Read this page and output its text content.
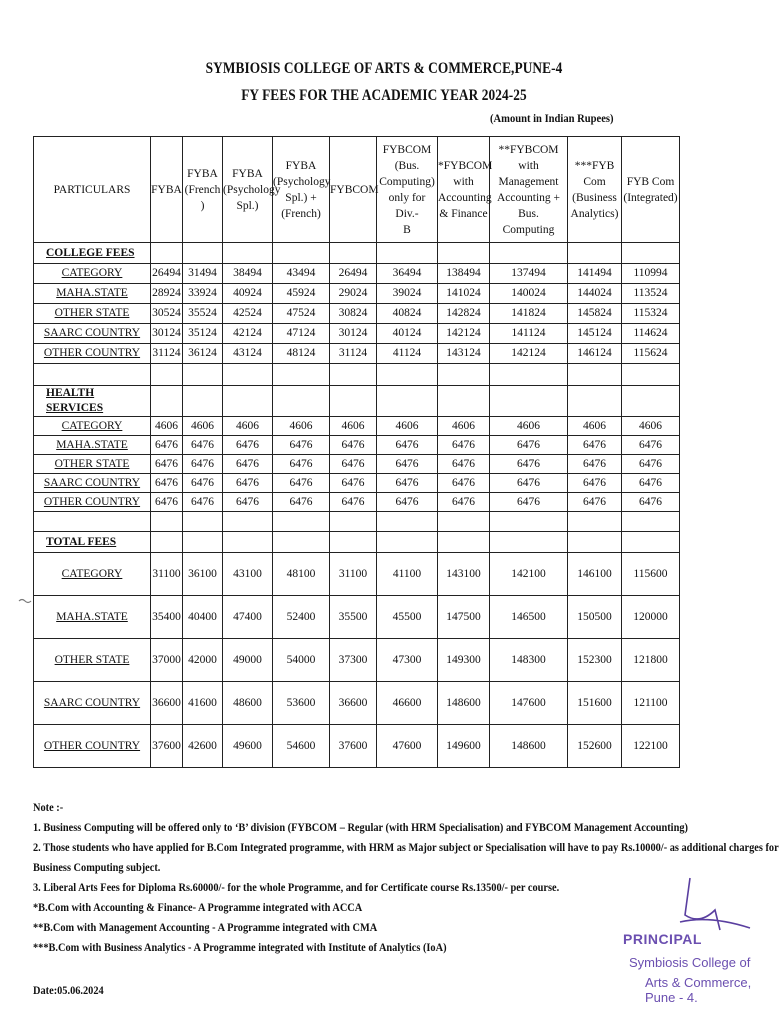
SYMBIOSIS COLLEGE OF ARTS & COMMERCE,PUNE-4
FY FEES FOR THE ACADEMIC YEAR 2024-25
(Amount in Indian Rupees)
PARTICULARS	FYBA	FYBA
(French )	FYBA
(Psychology
Spl.)	FYBA
(Psychology
Spl.) +
(French)	FYBCOM	FYBCOM
(Bus.
Computing)
only for Div.-
B	*FYBCOM
with
Accounting
& Finance	**FYBCOM with
Management
Accounting + Bus.
Computing	***FYB Com
(Business
Analytics)	FYB Com
(Integrated)
COLLEGE FEES										
CATEGORY	26494	31494	38494	43494	26494	36494	138494	137494	141494	110994
MAHA.STATE	28924	33924	40924	45924	29024	39024	141024	140024	144024	113524
OTHER STATE	30524	35524	42524	47524	30824	40824	142824	141824	145824	115324
SAARC COUNTRY	30124	35124	42124	47124	30124	40124	142124	141124	145124	114624
OTHER COUNTRY	31124	36124	43124	48124	31124	41124	143124	142124	146124	115624

HEALTH SERVICES										
CATEGORY	4606	4606	4606	4606	4606	4606	4606	4606	4606	4606
MAHA.STATE	6476	6476	6476	6476	6476	6476	6476	6476	6476	6476
OTHER STATE	6476	6476	6476	6476	6476	6476	6476	6476	6476	6476
SAARC COUNTRY	6476	6476	6476	6476	6476	6476	6476	6476	6476	6476
OTHER COUNTRY	6476	6476	6476	6476	6476	6476	6476	6476	6476	6476

TOTAL FEES										
CATEGORY	31100	36100	43100	48100	31100	41100	143100	142100	146100	115600
MAHA.STATE	35400	40400	47400	52400	35500	45500	147500	146500	150500	120000
OTHER STATE	37000	42000	49000	54000	37300	47300	149300	148300	152300	121800
SAARC COUNTRY	36600	41600	48600	53600	36600	46600	148600	147600	151600	121100
OTHER COUNTRY	37600	42600	49600	54600	37600	47600	149600	148600	152600	122100

Note :-

1. Business Computing will be offered only to ‘B’ division (FYBCOM – Regular (with HRM Specialisation) and FYBCOM Management Accounting)

2. Those students who have applied for B.Com Integrated programme, with HRM as Major subject or Specialisation will have to pay Rs.10000/- as additional charges for

Business Computing subject.

3. Liberal Arts Fees for Diploma Rs.60000/- for the whole Programme, and for Certificate course Rs.13500/- per course.

*B.Com with Accounting & Finance- A Programme integrated with ACCA

**B.Com with Management Accounting - A Programme integrated with CMA

***B.Com with Business Analytics - A Programme integrated with Institute of Analytics (IoA)

Date:05.06.2024
PRINCIPAL
Symbiosis College of
Arts & Commerce, Pune - 4.
